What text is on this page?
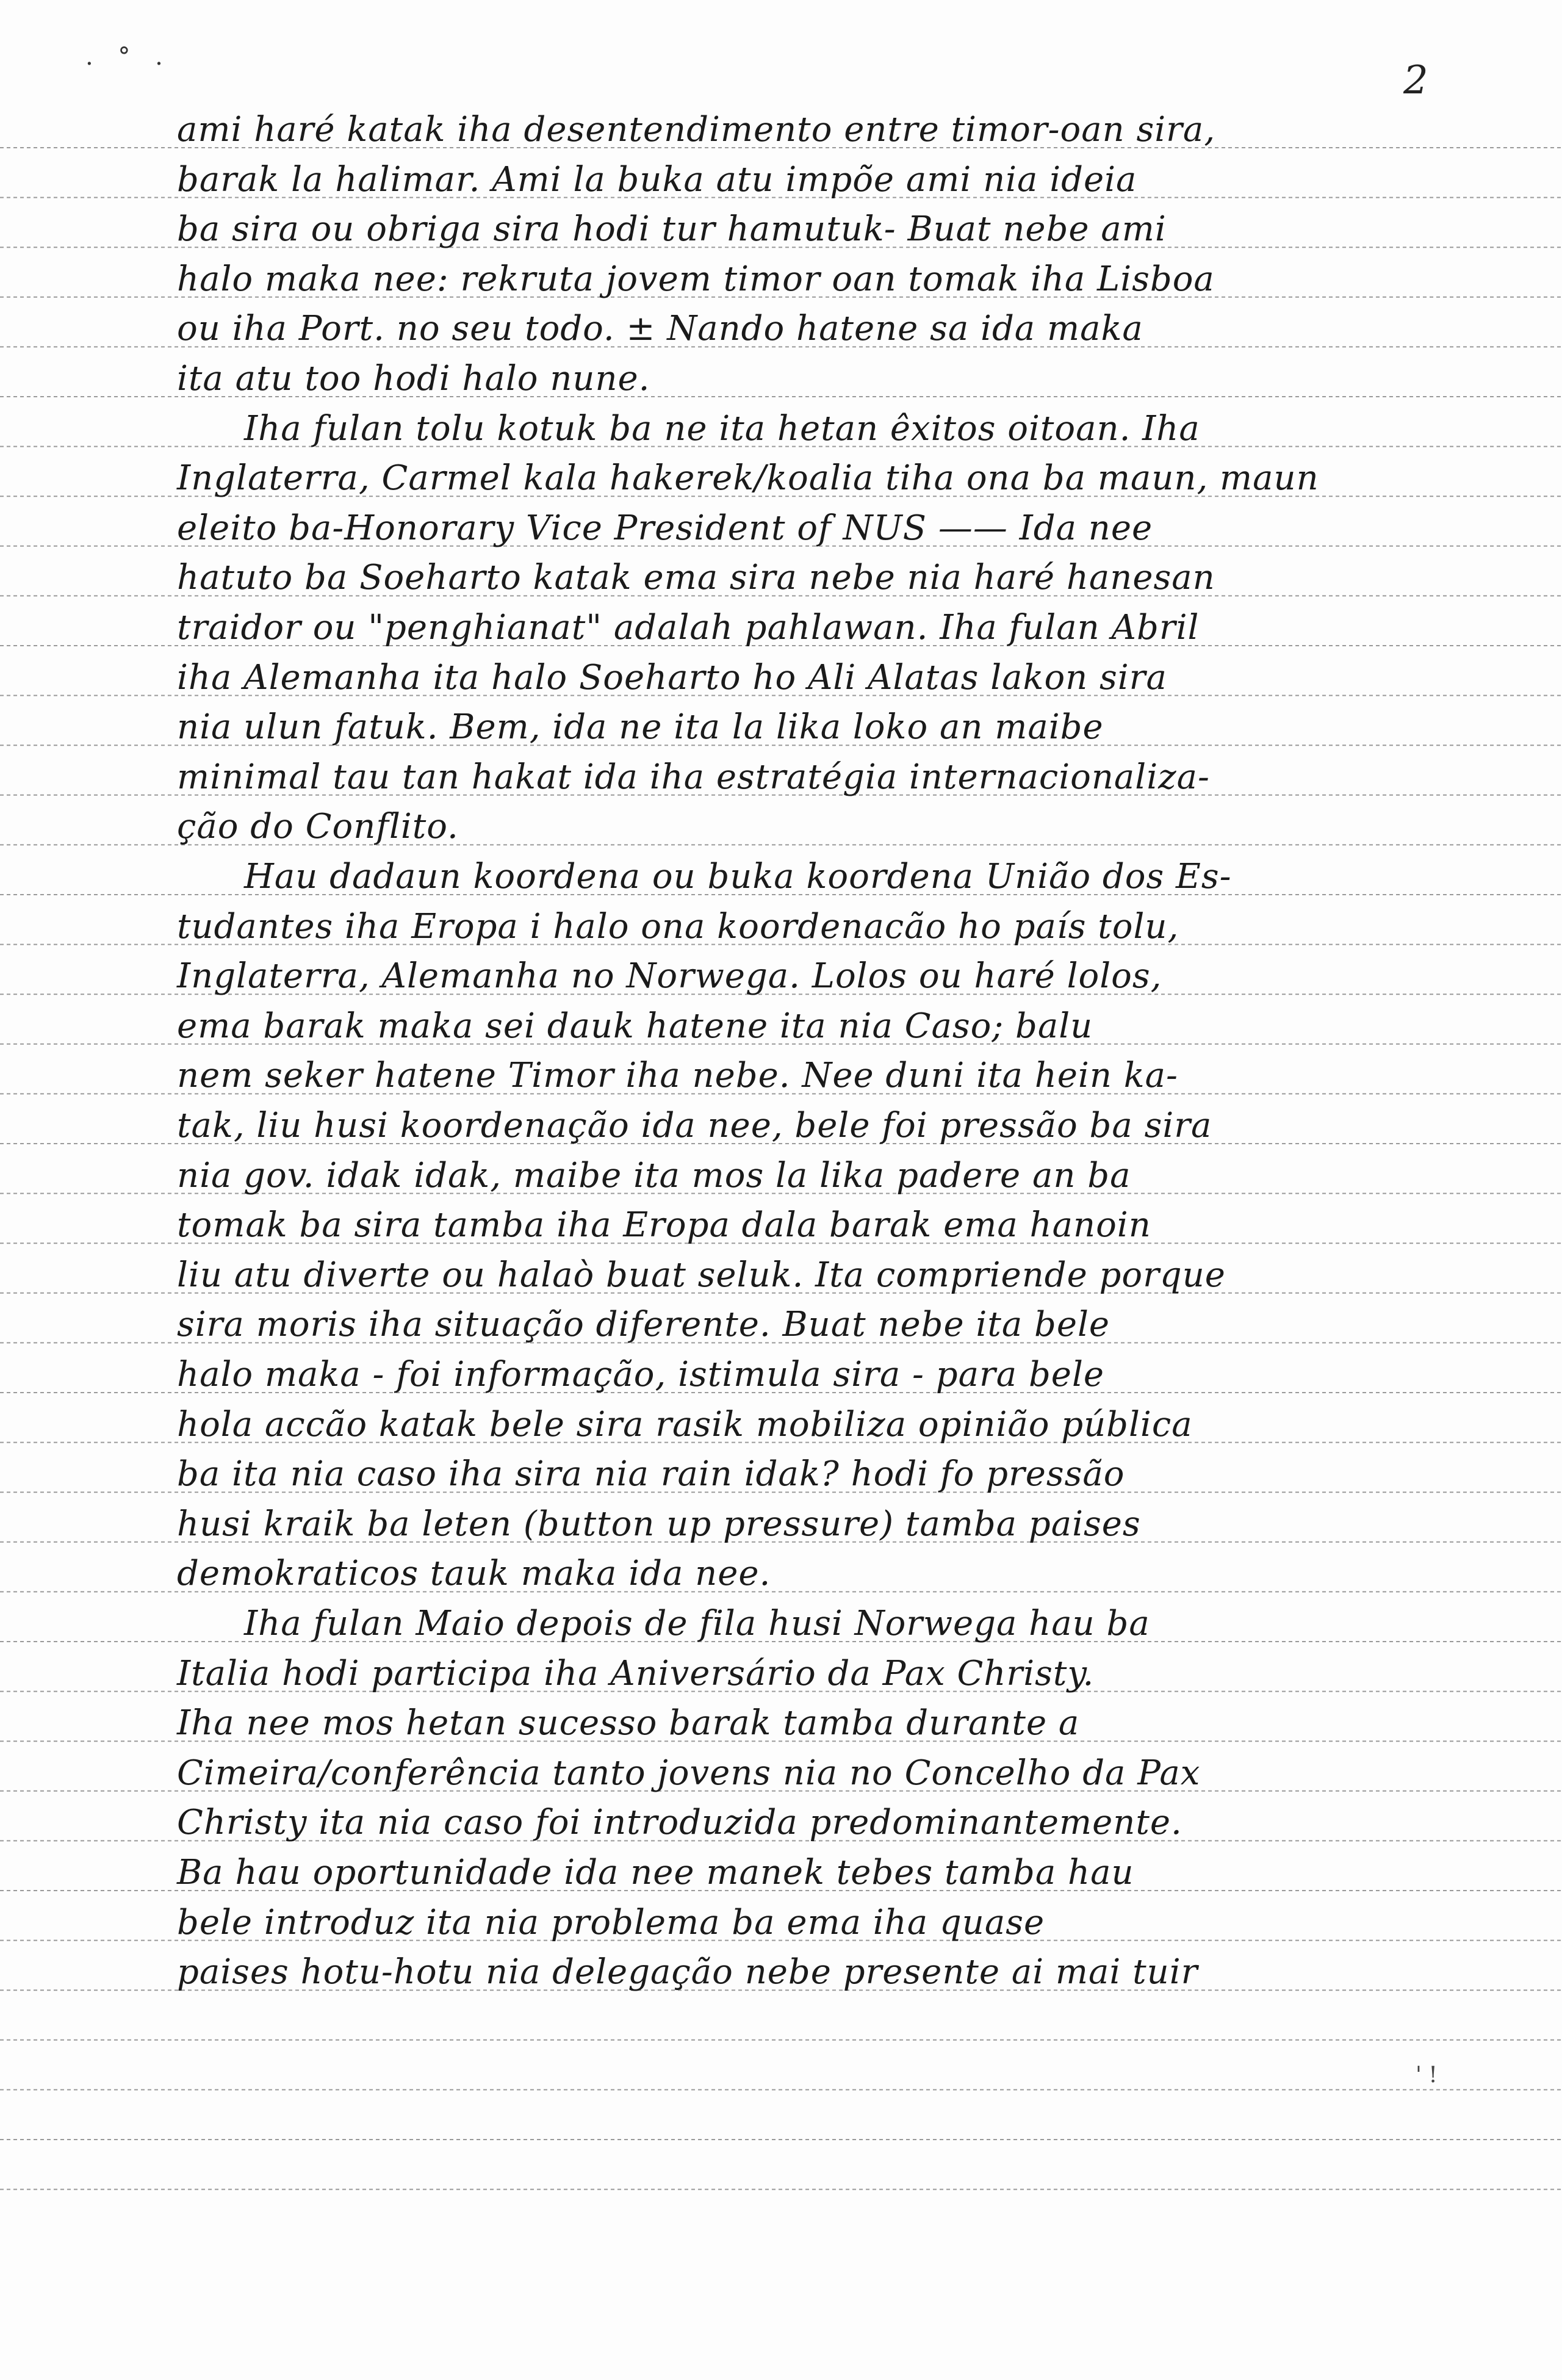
. ° .
2
ami haré katak iha desentendimento entre timor-oan sira,
barak la halimar. Ami la buka atu impõe ami nia ideia
ba sira ou obriga sira hodi tur hamutuk- Buat nebe ami
halo maka nee: rekruta jovem timor oan tomak iha Lisboa
ou iha Port. no seu todo. ± Nando hatene sa ida maka
ita atu too hodi halo nune.
Iha fulan tolu kotuk ba ne ita hetan êxitos oitoan. Iha
Inglaterra, Carmel kala hakerek/koalia tiha ona ba maun, maun
eleito ba-Honorary Vice President of NUS —— Ida nee
hatuto ba Soeharto katak ema sira nebe nia haré hanesan
traidor ou "penghianat" adalah pahlawan. Iha fulan Abril
iha Alemanha ita halo Soeharto ho Ali Alatas lakon sira
nia ulun fatuk. Bem, ida ne ita la lika loko an maibe
minimal tau tan hakat ida iha estratégia internacionaliza-
ção do Conflito.
Hau dadaun koordena ou buka koordena União dos Es-
tudantes iha Eropa i halo ona koordenacão ho país tolu,
Inglaterra, Alemanha no Norwega. Lolos ou haré lolos,
ema barak maka sei dauk hatene ita nia Caso; balu
nem seker hatene Timor iha nebe. Nee duni ita hein ka-
tak, liu husi koordenação ida nee, bele foi pressão ba sira
nia gov. idak idak, maibe ita mos la lika padere an ba
tomak ba sira tamba iha Eropa dala barak ema hanoin
liu atu diverte ou halaò buat seluk. Ita compriende porque
sira moris iha situação diferente. Buat nebe ita bele
halo maka - foi informação, istimula sira - para bele
hola accão katak bele sira rasik mobiliza opinião pública
ba ita nia caso iha sira nia rain idak? hodi fo pressão
husi kraik ba leten (button up pressure) tamba paises
demokraticos tauk maka ida nee.
Iha fulan Maio depois de fila husi Norwega hau ba
Italia hodi participa iha Aniversário da Pax Christy.
Iha nee mos hetan sucesso barak tamba durante a
Cimeira/conferência tanto jovens nia no Concelho da Pax
Christy ita nia caso foi introduzida predominantemente.
Ba hau oportunidade ida nee manek tebes tamba hau
bele introduz ita nia problema ba ema iha quase
paises hotu-hotu nia delegação nebe presente ai mai tuir
' !
